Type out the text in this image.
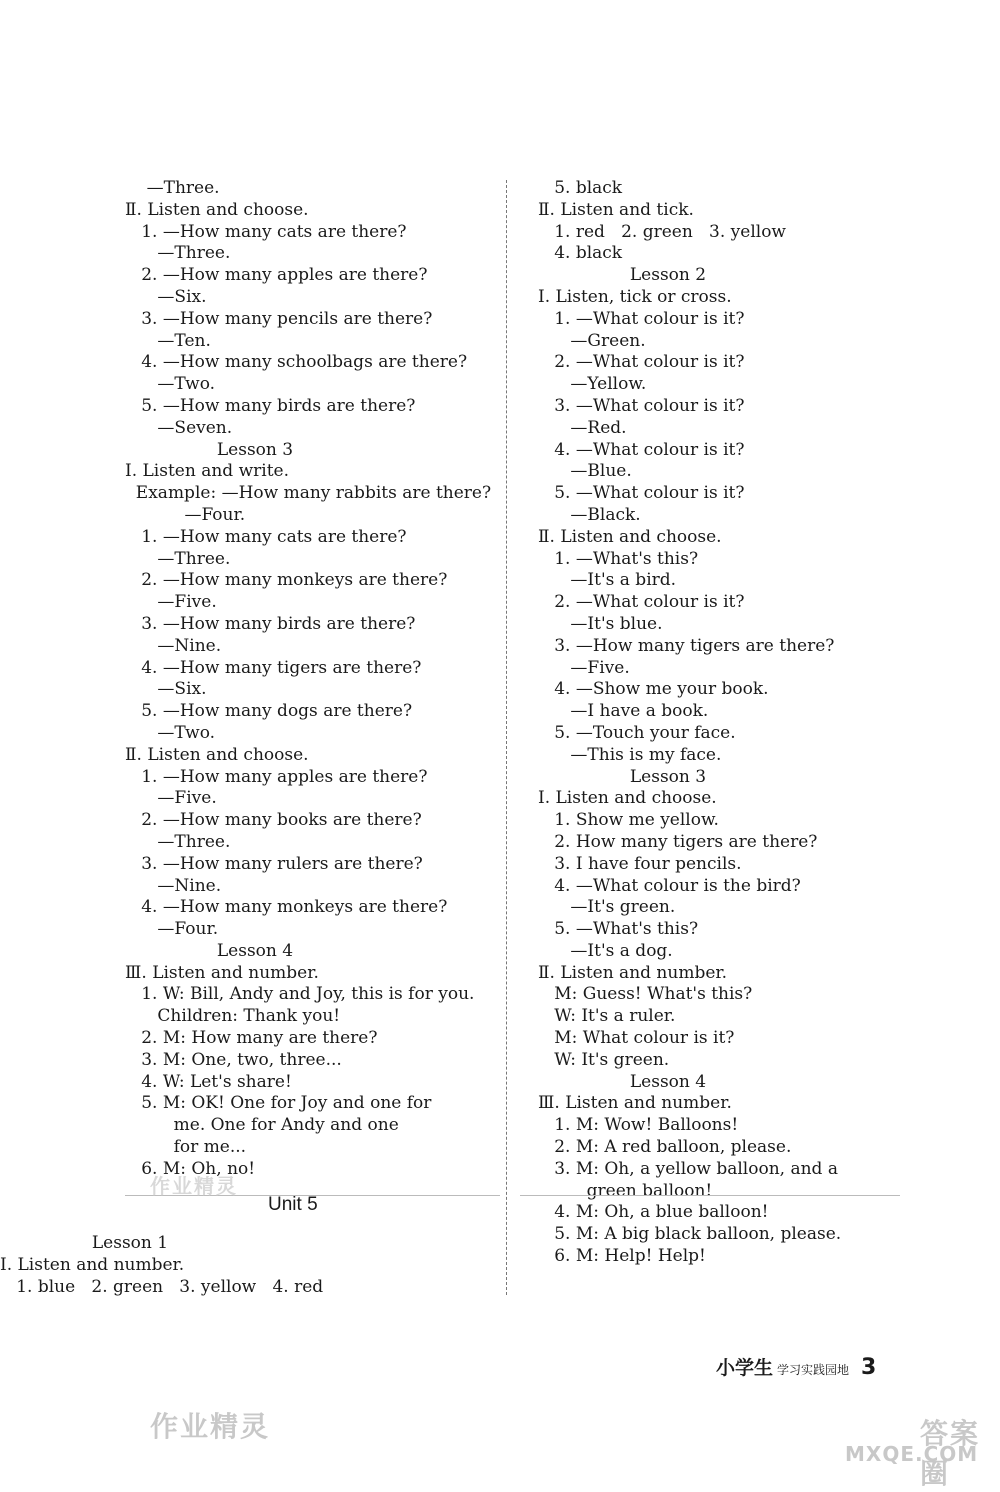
—Three.
Ⅱ. Listen and choose.
1. —How many cats are there?
—Three.
2. —How many apples are there?
—Six.
3. —How many pencils are there?
—Ten.
4. —How many schoolbags are there?
—Two.
5. —How many birds are there?
—Seven.
Lesson 3
Ⅰ. Listen and write.
Example: —How many rabbits are there?
—Four.
1. —How many cats are there?
—Three.
2. —How many monkeys are there?
—Five.
3. —How many birds are there?
—Nine.
4. —How many tigers are there?
—Six.
5. —How many dogs are there?
—Two.
Ⅱ. Listen and choose.
1. —How many apples are there?
—Five.
2. —How many books are there?
—Three.
3. —How many rulers are there?
—Nine.
4. —How many monkeys are there?
—Four.
Lesson 4
Ⅲ. Listen and number.
1. W: Bill, Andy and Joy, this is for you.
Children: Thank you!
2. M: How many are there?
3. M: One, two, three...
4. W: Let's share!
5. M: OK! One for Joy and one for
me. One for Andy and one
for me...
6. M: Oh, no!
Lesson 1
Ⅰ. Listen and number.
1. blue   2. green   3. yellow   4. red
5. black
Ⅱ. Listen and tick.
1. red   2. green   3. yellow
4. black
Lesson 2
Ⅰ. Listen, tick or cross.
1. —What colour is it?
—Green.
2. —What colour is it?
—Yellow.
3. —What colour is it?
—Red.
4. —What colour is it?
—Blue.
5. —What colour is it?
—Black.
Ⅱ. Listen and choose.
1. —What's this?
—It's a bird.
2. —What colour is it?
—It's blue.
3. —How many tigers are there?
—Five.
4. —Show me your book.
—I have a book.
5. —Touch your face.
—This is my face.
Lesson 3
Ⅰ. Listen and choose.
1. Show me yellow.
2. How many tigers are there?
3. I have four pencils.
4. —What colour is the bird?
—It's green.
5. —What's this?
—It's a dog.
Ⅱ. Listen and number.
M: Guess! What's this?
W: It's a ruler.
M: What colour is it?
W: It's green.
Lesson 4
Ⅲ. Listen and number.
1. M: Wow! Balloons!
2. M: A red balloon, please.
3. M: Oh, a yellow balloon, and a
green balloon!
4. M: Oh, a blue balloon!
5. M: A big black balloon, please.
6. M: Help! Help!
Unit 5
小学生 学习实践园地 3
作业精灵
作业精灵	答案圈
MXQE.COM
